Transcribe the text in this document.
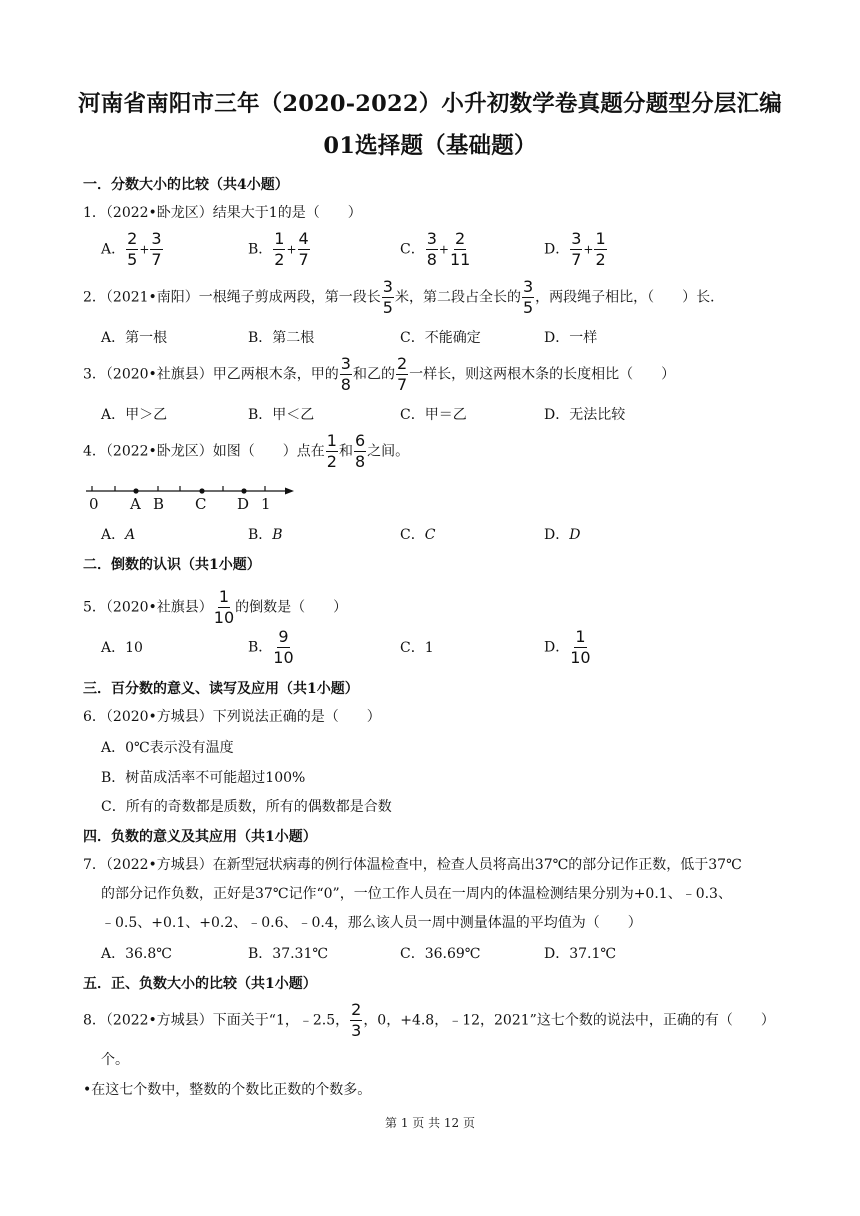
河南省南阳市三年（2020-2022）小升初数学卷真题分题型分层汇编
01选择题（基础题）
一．分数大小的比较（共4小题）
1．（2022•卧龙区）结果大于1的是（　　）
A． $\frac{2}{5} + \frac{3}{7}$	B． $\frac{1}{2} + \frac{4}{7}$	C． $\frac{3}{8} + \frac{2}{11}$	D． $\frac{3}{7} + \frac{1}{2}$
2．（2021•南阳）一根绳子剪成两段，第一段长 $\frac{3}{5}$ 米，第二段占全长的 $\frac{3}{5}$ ，两段绳子相比，（　　）长．
A．第一根	B．第二根	C．不能确定	D．一样
3．（2020•社旗县）甲乙两根木条，甲的 $\frac{3}{8}$ 和乙的 $\frac{2}{7}$ 一样长，则这两根木条的长度相比（　　）
A．甲＞乙	B．甲＜乙	C．甲＝乙	D．无法比较
4．（2022•卧龙区）如图（　　）点在 $\frac{1}{2}$ 和 $\frac{6}{8}$ 之间。
0 A B C D 1
A．A	B．B	C．C	D．D
二．倒数的认识（共1小题）
5．（2020•社旗县） $\frac{1}{10}$ 的倒数是（　　）
A．10	B． $\frac{9}{10}$	C．1	D． $\frac{1}{10}$
三．百分数的意义、读写及应用（共1小题）
6．（2020•方城县）下列说法正确的是（　　）
A．0℃表示没有温度
B．树苗成活率不可能超过100%
C．所有的奇数都是质数，所有的偶数都是合数
四．负数的意义及其应用（共1小题）
7．（2022•方城县）在新型冠状病毒的例行体温检查中，检查人员将高出37℃的部分记作正数，低于37℃
的部分记作负数，正好是37℃记作“0”，一位工作人员在一周内的体温检测结果分别为+0.1、﹣0.3、
﹣0.5、+0.1、+0.2、﹣0.6、﹣0.4，那么该人员一周中测量体温的平均值为（　　）
A．36.8℃	B．37.31℃	C．36.69℃	D．37.1℃
五．正、负数大小的比较（共1小题）
8．（2022•方城县）下面关于“1，﹣2.5， $\frac{2}{3}$ ，0，+4.8，﹣12，2021”这七个数的说法中，正确的有（　　）
个。
•在这七个数中，整数的个数比正数的个数多。
第 1 页 共 12 页
